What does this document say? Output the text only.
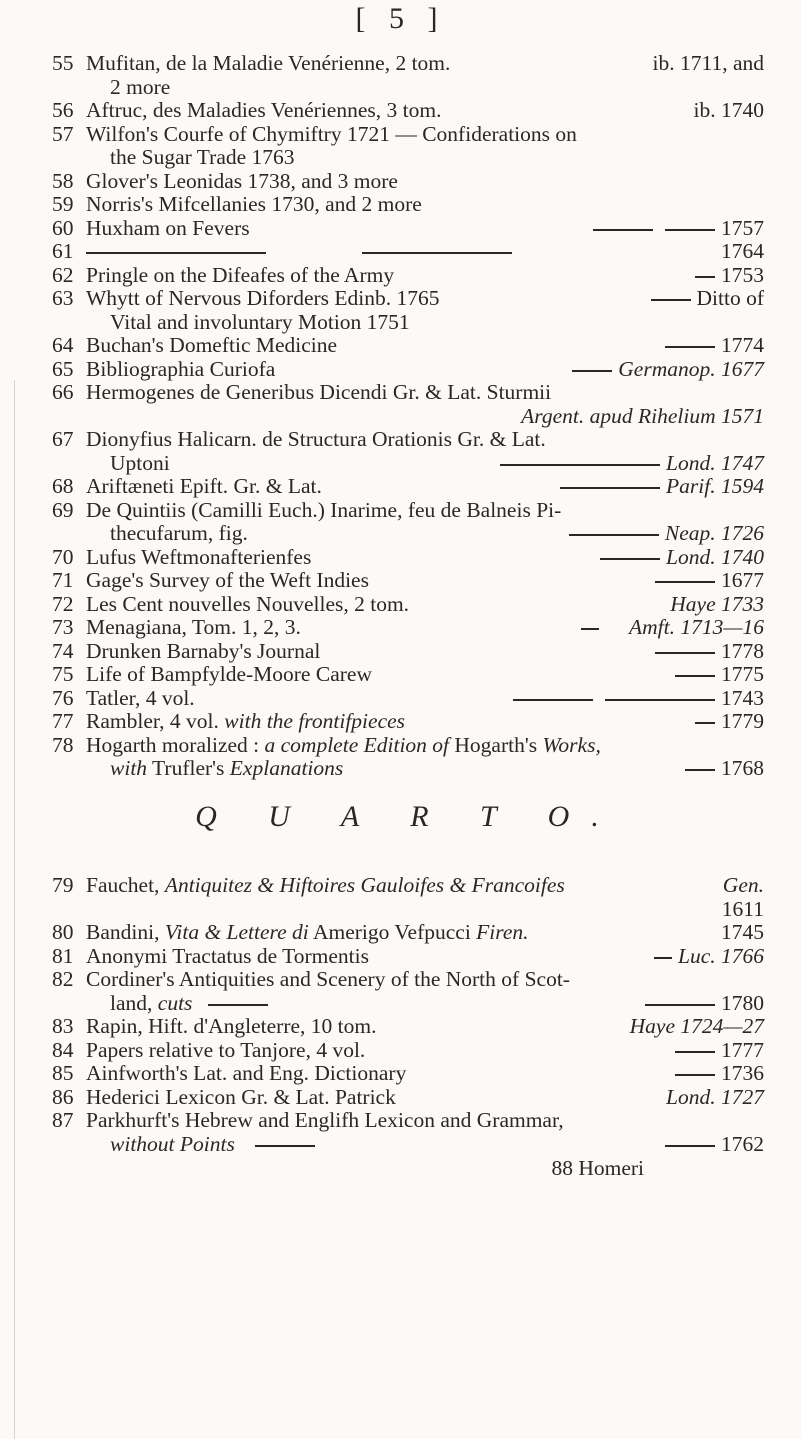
[ 5 ]
55 Mufitan, de la Maladie Venérienne, 2 tom.	ib. 1711, and
2 more
56 Aftruc, des Maladies Venériennes, 3 tom.	ib. 1740
57 Wilfon's Courfe of Chymiftry 1721 — Confiderations on
the Sugar Trade 1763
58 Glover's Leonidas 1738, and 3 more
59 Norris's Mifcellanies 1730, and 2 more
60 Huxham on Fevers	1757
61	1764
62 Pringle on the Difeafes of the Army	1753
63 Whytt of Nervous Diforders Edinb. 1765	Ditto of
Vital and involuntary Motion 1751
64 Buchan's Domeftic Medicine	1774
65 Bibliographia Curiofa	Germanop. 1677
66 Hermogenes de Generibus Dicendi Gr. & Lat. Sturmii
Argent. apud Rihelium 1571
67 Dionyfius Halicarn. de Structura Orationis Gr. & Lat.
Uptoni	Lond. 1747
68 Ariftæneti Epift. Gr. & Lat.	Parif. 1594
69 De Quintiis (Camilli Euch.) Inarime, feu de Balneis Pi-
thecufarum, fig.	Neap. 1726
70 Lufus Weftmonafterienfes	Lond. 1740
71 Gage's Survey of the Weft Indies	1677
72 Les Cent nouvelles Nouvelles, 2 tom.	Haye 1733
73 Menagiana, Tom. 1, 2, 3.	Amft. 1713—16
74 Drunken Barnaby's Journal	1778
75 Life of Bampfylde-Moore Carew	1775
76 Tatler, 4 vol.	1743
77 Rambler, 4 vol. with the frontifpieces	1779
78 Hogarth moralized : a complete Edition of Hogarth's Works,
with Trufler's Explanations	1768
Q U A R T O.
79 Fauchet, Antiquitez & Hiftoires Gauloifes & Francoifes	Gen.
1611
80 Bandini, Vita & Lettere di Amerigo Vefpucci Firen.	1745
81 Anonymi Tractatus de Tormentis	Luc. 1766
82 Cordiner's Antiquities and Scenery of the North of Scot-
land, cuts	1780
83 Rapin, Hift. d'Angleterre, 10 tom.	Haye 1724—27
84 Papers relative to Tanjore, 4 vol.	1777
85 Ainfworth's Lat. and Eng. Dictionary	1736
86 Hederici Lexicon Gr. & Lat. Patrick	Lond. 1727
87 Parkhurft's Hebrew and Englifh Lexicon and Grammar,
without Points	1762
88 Homeri
